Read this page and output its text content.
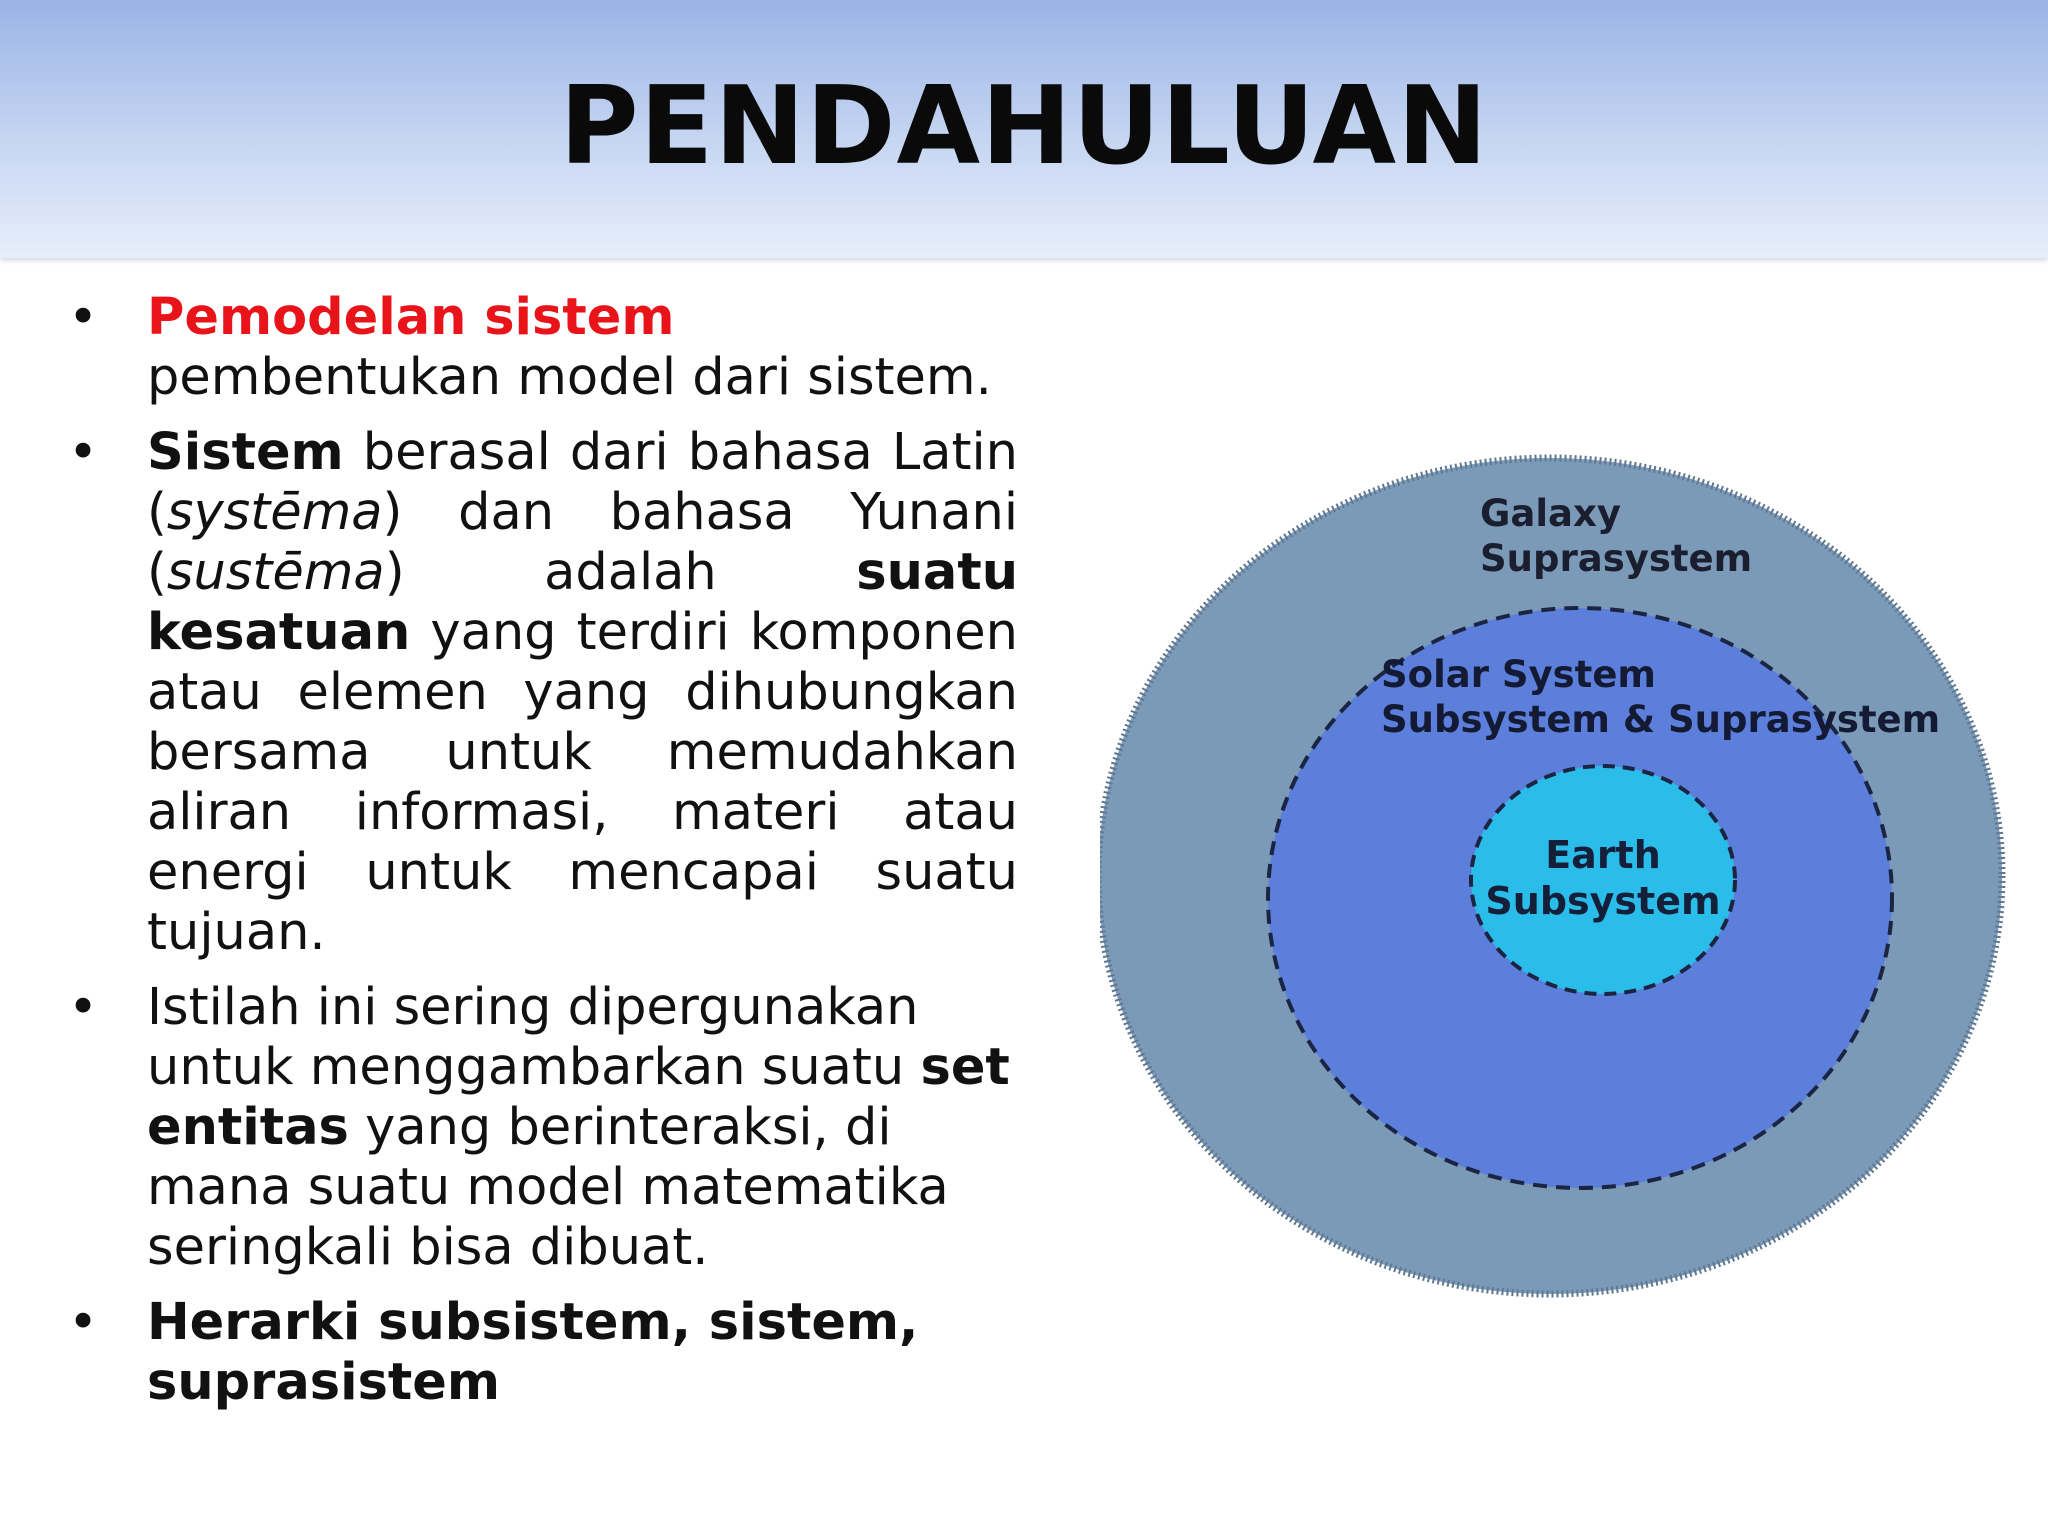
PENDAHULUAN
• Pemodelan sistem pembentukan model dari sistem.
• Sistem berasal dari bahasa Latin (systēma) dan bahasa Yunani (sustēma) adalah suatu kesatuan yang terdiri komponen atau elemen yang dihubungkan bersama untuk memudahkan aliran informasi, materi atau energi untuk mencapai suatu tujuan.
• Istilah ini sering dipergunakan untuk menggambarkan suatu set entitas yang berinteraksi, di mana suatu model matematika seringkali bisa dibuat.
• Herarki subsistem, sistem, suprasistem
Galaxy
Suprasystem
Solar System
Subsystem & Suprasystem
Earth
Subsystem
